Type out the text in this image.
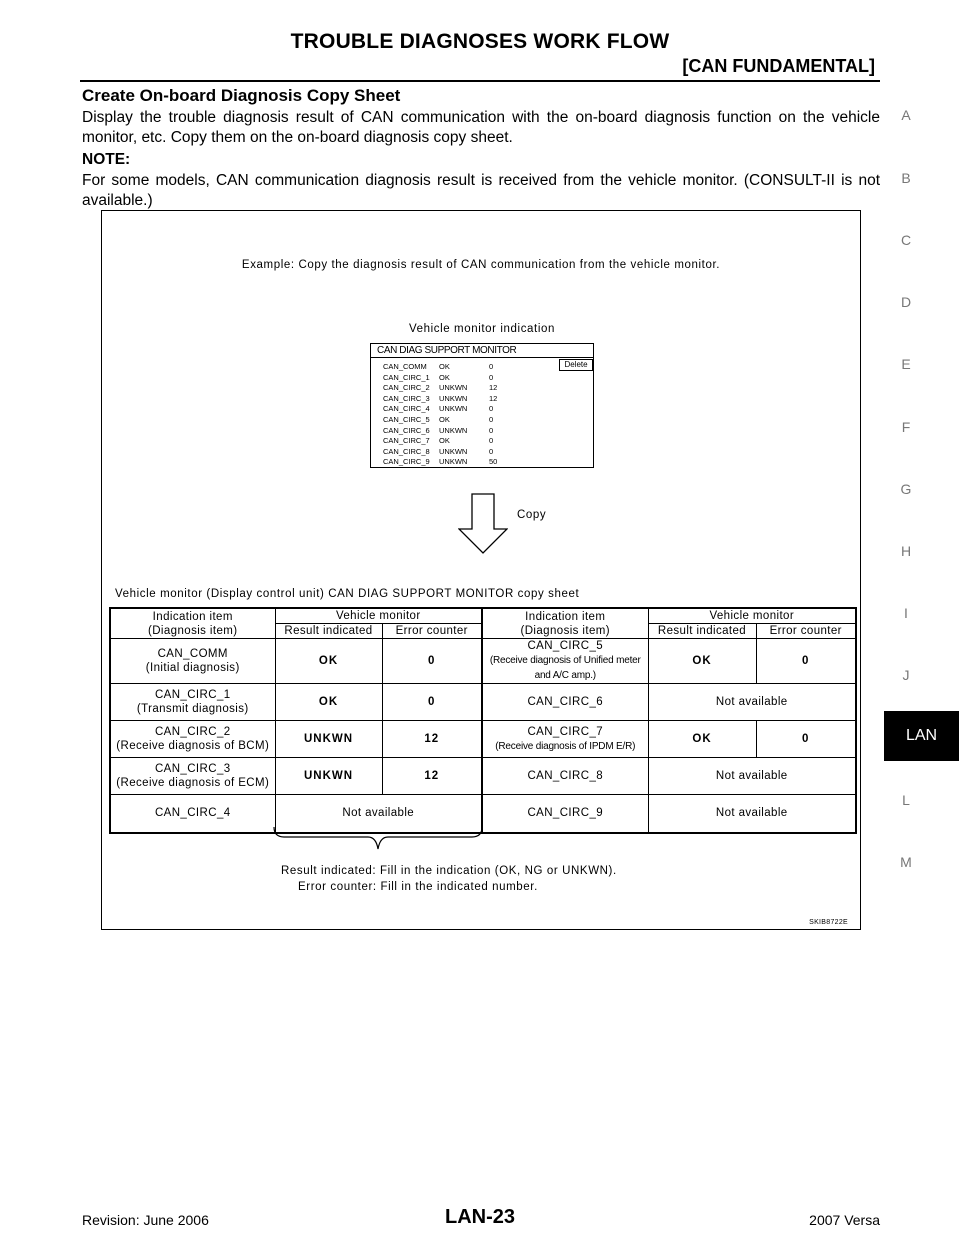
TROUBLE DIAGNOSES WORK FLOW
[CAN FUNDAMENTAL]
Create On-board Diagnosis Copy Sheet
Display the trouble diagnosis result of CAN communication with the on-board diagnosis function on the vehicle monitor, etc. Copy them on the on-board diagnosis copy sheet.
NOTE:
For some models, CAN communication diagnosis result is received from the vehicle monitor. (CONSULT-II is not available.)
A
B
C
D
E
F
G
H
I
J
L
M
LAN
Example: Copy the diagnosis result of CAN communication from the vehicle monitor.
Vehicle monitor indication
CAN DIAG SUPPORT MONITOR
Delete
CAN_COMM OK	0
CAN_CIRC_1 OK	0
CAN_CIRC_2 UNKWN	12
CAN_CIRC_3 UNKWN	12
CAN_CIRC_4 UNKWN	0
CAN_CIRC_5 OK	0
CAN_CIRC_6 UNKWN	0
CAN_CIRC_7 OK	0
CAN_CIRC_8 UNKWN	0
CAN_CIRC_9 UNKWN	50
Copy
Vehicle monitor (Display control unit) CAN DIAG SUPPORT MONITOR copy sheet
Indication item
(Diagnosis item)	Vehicle monitor		Indication item
(Diagnosis item)	Vehicle monitor	
	Result indicated	Error counter		Result indicated	Error counter
CAN_COMM
(Initial diagnosis)	OK	0	CAN_CIRC_5
(Receive diagnosis of Unified meter
and A/C amp.)	OK	0
CAN_CIRC_1
(Transmit diagnosis)	OK	0	CAN_CIRC_6	Not available	
CAN_CIRC_2
(Receive diagnosis of BCM)	UNKWN	12	CAN_CIRC_7
(Receive diagnosis of IPDM E/R)	OK	0
CAN_CIRC_3
(Receive diagnosis of ECM)	UNKWN	12	CAN_CIRC_8	Not available	
CAN_CIRC_4	Not available		CAN_CIRC_9	Not available	
Result indicated: Fill in the indication (OK, NG or UNKWN).
Error counter: Fill in the indicated number.
SKIB8722E
Revision: June 2006	LAN-23	2007 Versa
